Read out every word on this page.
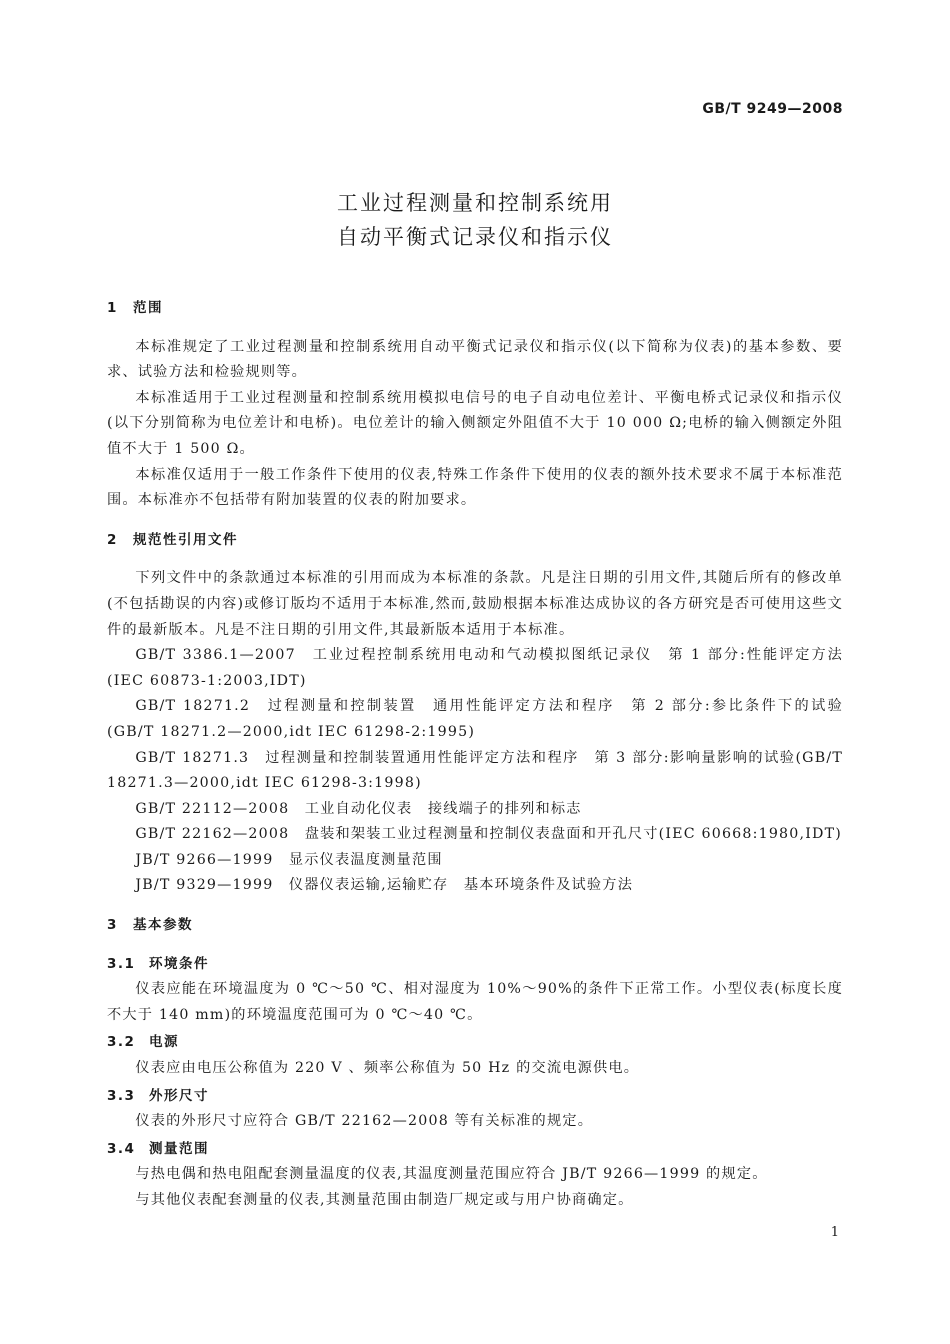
GB/T 9249—2008
工业过程测量和控制系统用
自动平衡式记录仪和指示仪
1 范围
本标准规定了工业过程测量和控制系统用自动平衡式记录仪和指示仪(以下简称为仪表)的基本参数、要求、试验方法和检验规则等。
本标准适用于工业过程测量和控制系统用模拟电信号的电子自动电位差计、平衡电桥式记录仪和指示仪(以下分别简称为电位差计和电桥)。电位差计的输入侧额定外阻值不大于 10 000 Ω;电桥的输入侧额定外阻值不大于 1 500 Ω。
本标准仅适用于一般工作条件下使用的仪表,特殊工作条件下使用的仪表的额外技术要求不属于本标准范围。本标准亦不包括带有附加装置的仪表的附加要求。
2 规范性引用文件
下列文件中的条款通过本标准的引用而成为本标准的条款。凡是注日期的引用文件,其随后所有的修改单(不包括勘误的内容)或修订版均不适用于本标准,然而,鼓励根据本标准达成协议的各方研究是否可使用这些文件的最新版本。凡是不注日期的引用文件,其最新版本适用于本标准。
GB/T 3386.1—2007　工业过程控制系统用电动和气动模拟图纸记录仪　第 1 部分:性能评定方法(IEC 60873-1:2003,IDT)
GB/T 18271.2　过程测量和控制装置　通用性能评定方法和程序　第 2 部分:参比条件下的试验(GB/T 18271.2—2000,idt IEC 61298-2:1995)
GB/T 18271.3　过程测量和控制装置通用性能评定方法和程序　第 3 部分:影响量影响的试验(GB/T 18271.3—2000,idt IEC 61298-3:1998)
GB/T 22112—2008　工业自动化仪表　接线端子的排列和标志
GB/T 22162—2008　盘装和架装工业过程测量和控制仪表盘面和开孔尺寸(IEC 60668:1980,IDT)
JB/T 9266—1999　显示仪表温度测量范围
JB/T 9329—1999　仪器仪表运输,运输贮存　基本环境条件及试验方法
3 基本参数
3.1 环境条件
仪表应能在环境温度为 0 ℃～50 ℃、相对湿度为 10%～90%的条件下正常工作。小型仪表(标度长度不大于 140 mm)的环境温度范围可为 0 ℃～40 ℃。
3.2 电源
仪表应由电压公称值为 220 V 、频率公称值为 50 Hz 的交流电源供电。
3.3 外形尺寸
仪表的外形尺寸应符合 GB/T 22162—2008 等有关标准的规定。
3.4 测量范围
与热电偶和热电阻配套测量温度的仪表,其温度测量范围应符合 JB/T 9266—1999 的规定。
与其他仪表配套测量的仪表,其测量范围由制造厂规定或与用户协商确定。
1
